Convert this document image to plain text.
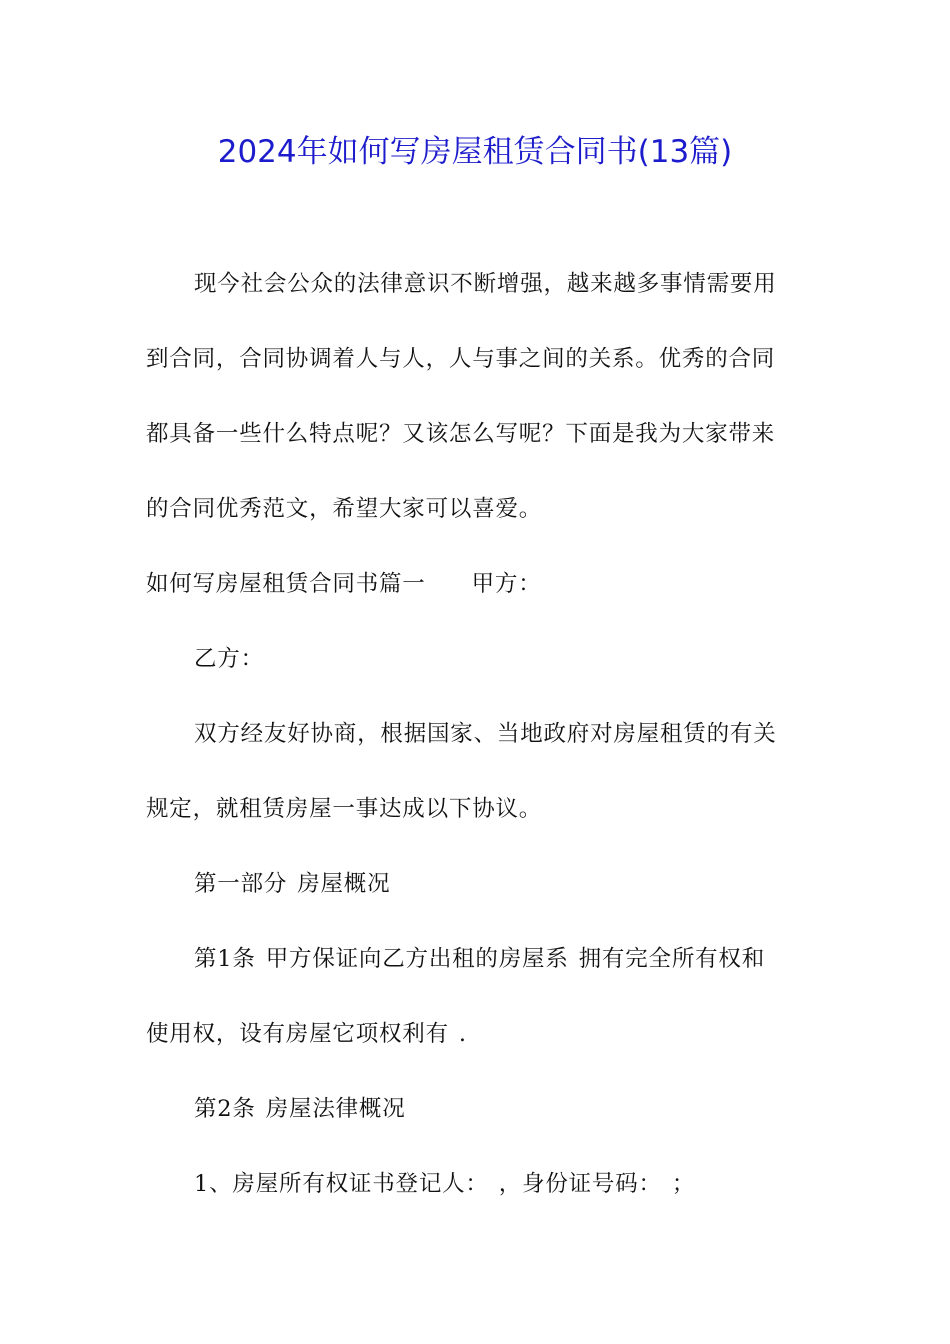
2024年如何写房屋租赁合同书(13篇)
现今社会公众的法律意识不断增强，越来越多事情需要用
到合同，合同协调着人与人，人与事之间的关系。优秀的合同
都具备一些什么特点呢？又该怎么写呢？下面是我为大家带来
的合同优秀范文，希望大家可以喜爱。
如何写房屋租赁合同书篇一 甲方：
乙方：
双方经友好协商，根据国家、当地政府对房屋租赁的有关
规定，就租赁房屋一事达成以下协议。
第一部分 房屋概况
第1条 甲方保证向乙方出租的房屋系 拥有完全所有权和
使用权，设有房屋它项权利有 .
第2条 房屋法律概况
1、房屋所有权证书登记人： ，身份证号码： ；
